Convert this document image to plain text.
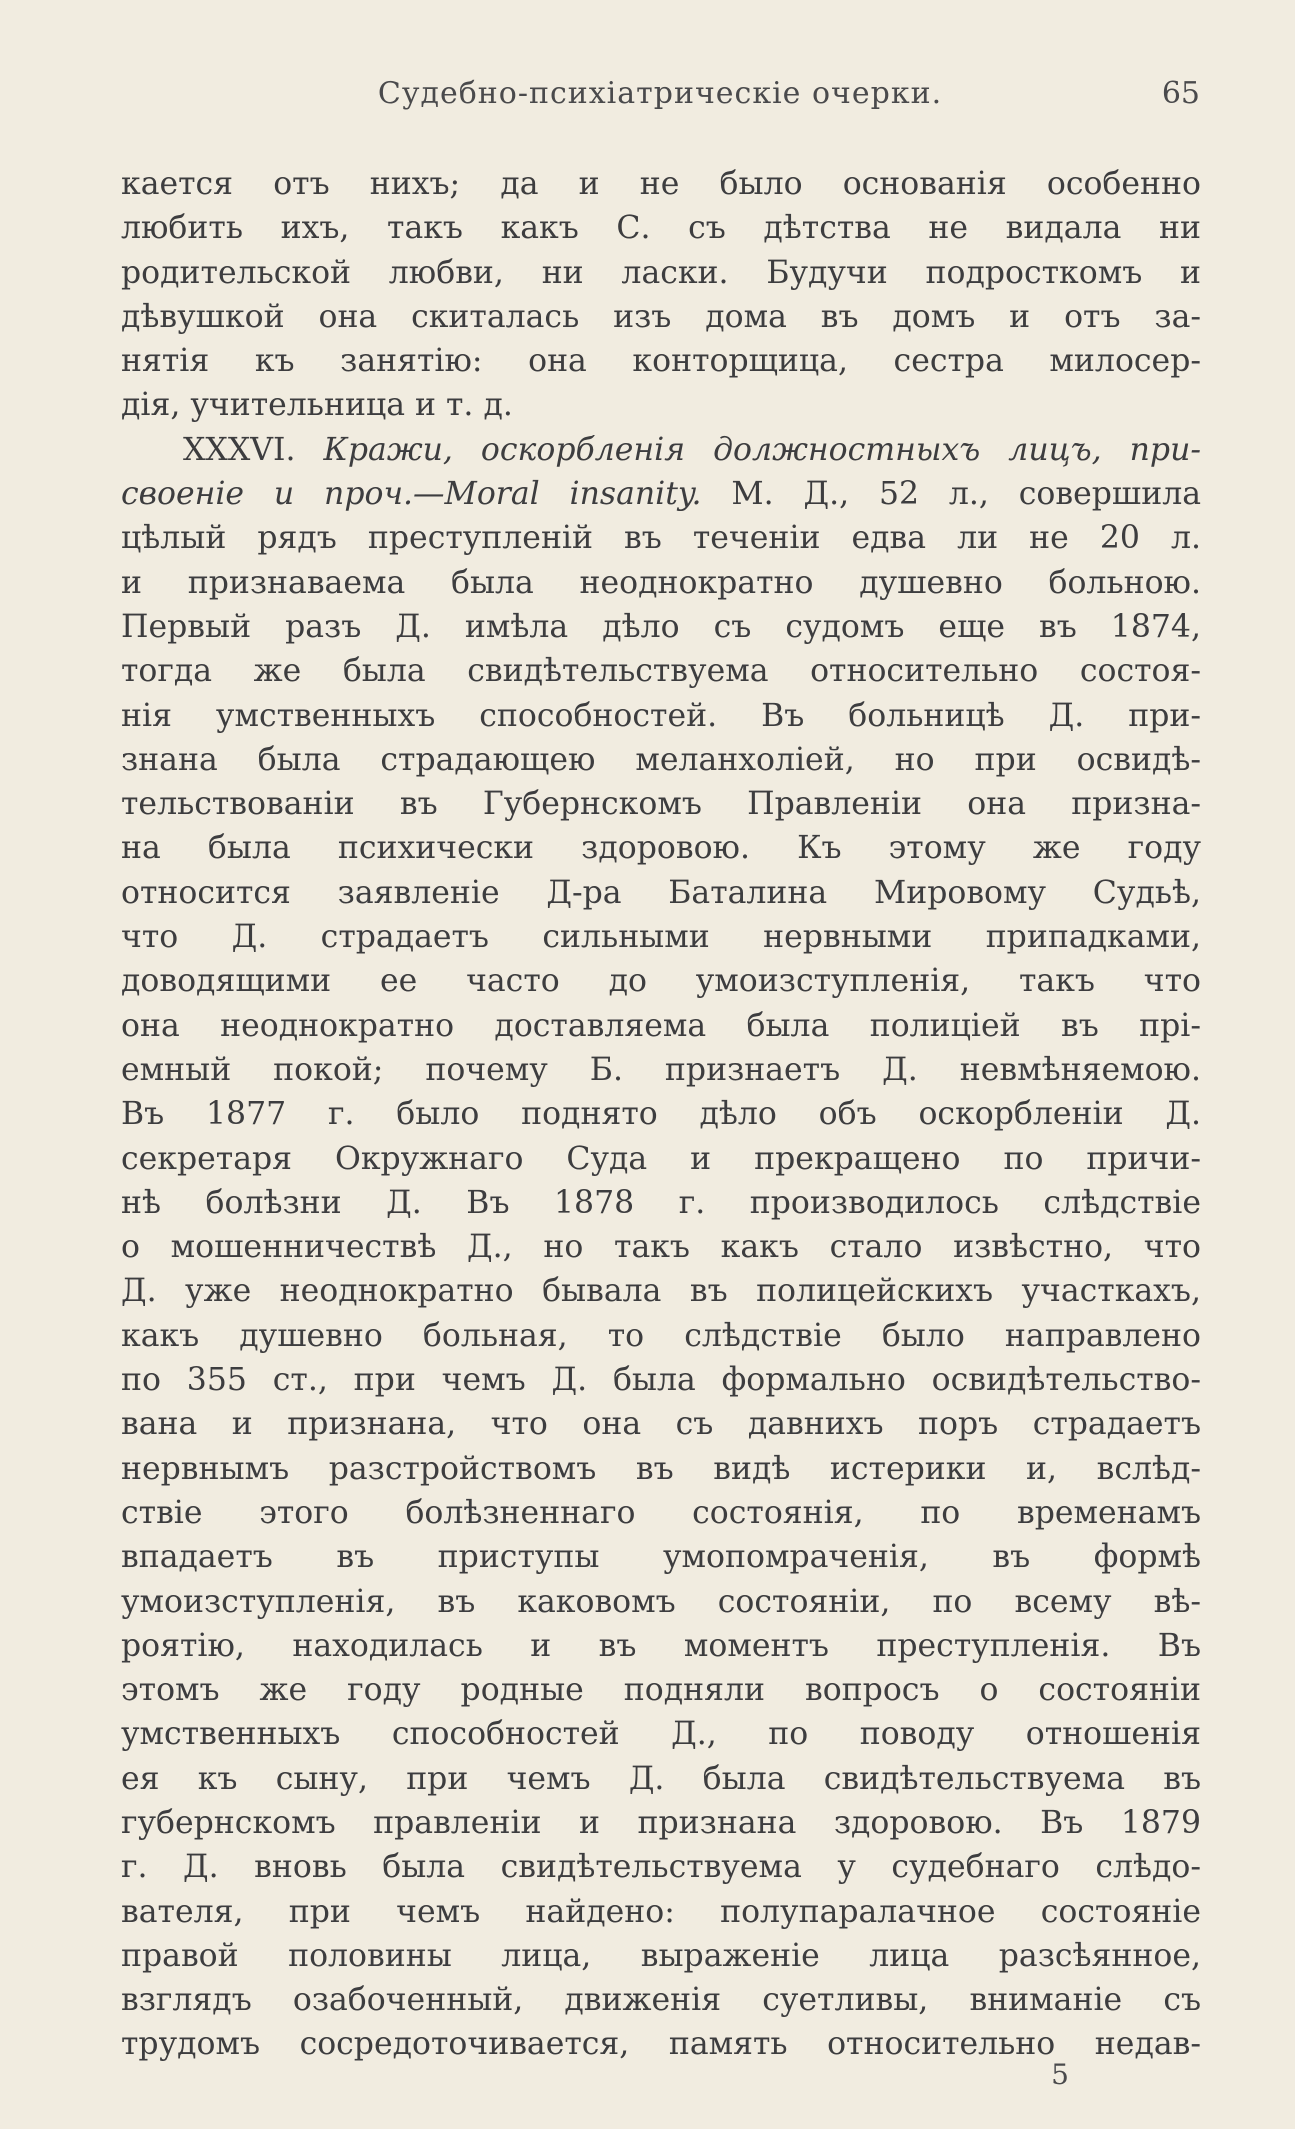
Судебно-психіатрическіе очерки.	65
кается отъ нихъ; да и не было основанія особенно
любить ихъ, такъ какъ С. съ дѣтства не видала ни
родительской любви, ни ласки. Будучи подросткомъ и
дѣвушкой она скиталась изъ дома въ домъ и отъ за-
нятія къ занятію: она конторщица, сестра милосер-
дія, учительница и т. д.
XXXVI. Кражи, оскорбленія должностныхъ лицъ, при-
своеніе и проч.—Moral insanity. М. Д., 52 л., совершила
цѣлый рядъ преступленій въ теченіи едва ли не 20 л.
и признаваема была неоднократно душевно больною.
Первый разъ Д. имѣла дѣло съ судомъ еще въ 1874,
тогда же была свидѣтельствуема относительно состоя-
нія умственныхъ способностей. Въ больницѣ Д. при-
знана была страдающею меланхоліей, но при освидѣ-
тельствованіи въ Губернскомъ Правленіи она призна-
на была психически здоровою. Къ этому же году
относится заявленіе Д-ра Баталина Мировому Судьѣ,
что Д. страдаетъ сильными нервными припадками,
доводящими ее часто до умоизступленія, такъ что
она неоднократно доставляема была полиціей въ прі-
емный покой; почему Б. признаетъ Д. невмѣняемою.
Въ 1877 г. было поднято дѣло объ оскорбленіи Д.
секретаря Окружнаго Суда и прекращено по причи-
нѣ болѣзни Д. Въ 1878 г. производилось слѣдствіе
о мошенничествѣ Д., но такъ какъ стало извѣстно, что
Д. уже неоднократно бывала въ полицейскихъ участкахъ,
какъ душевно больная, то слѣдствіе было направлено
по 355 ст., при чемъ Д. была формально освидѣтельство-
вана и признана, что она съ давнихъ поръ страдаетъ
нервнымъ разстройствомъ въ видѣ истерики и, вслѣд-
ствіе этого болѣзненнаго состоянія, по временамъ
впадаетъ въ приступы умопомраченія, въ формѣ
умоизступленія, въ каковомъ состояніи, по всему вѣ-
роятію, находилась и въ моментъ преступленія. Въ
этомъ же году родные подняли вопросъ о состояніи
умственныхъ способностей Д., по поводу отношенія
ея къ сыну, при чемъ Д. была свидѣтельствуема въ
губернскомъ правленіи и признана здоровою. Въ 1879
г. Д. вновь была свидѣтельствуема у судебнаго слѣдо-
вателя, при чемъ найдено: полупаралачное состояніе
правой половины лица, выраженіе лица разсѣянное,
взглядъ озабоченный, движенія суетливы, вниманіе съ
трудомъ сосредоточивается, память относительно недав-
5
